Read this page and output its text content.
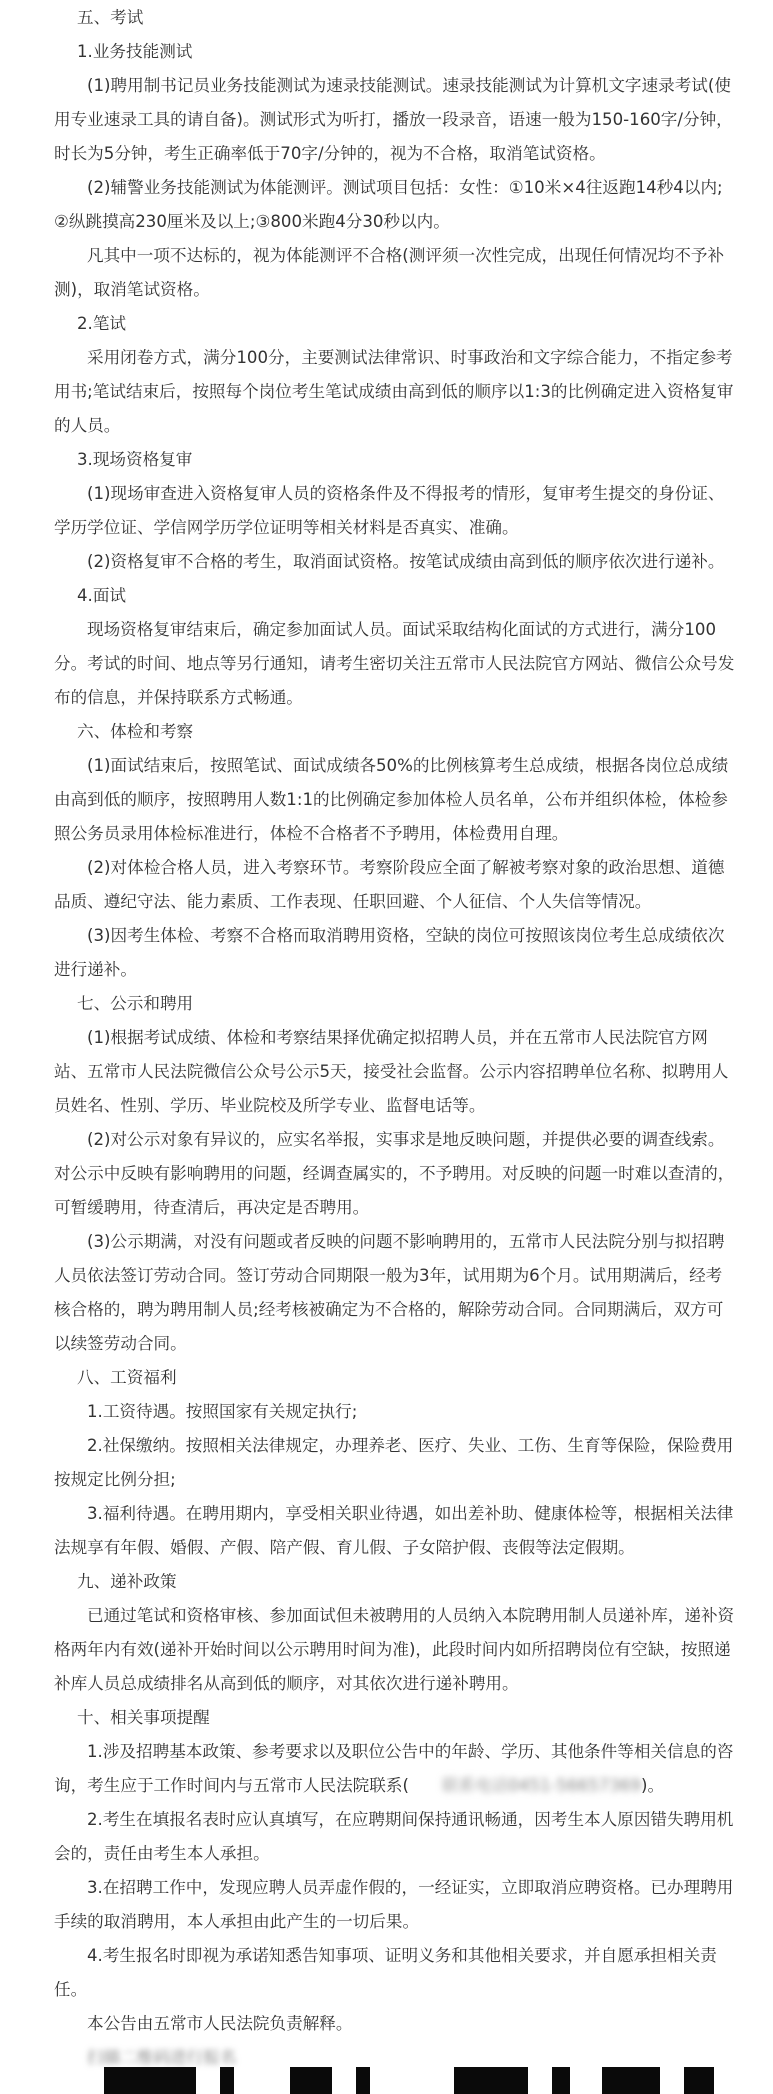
五、考试

1.业务技能测试

(1)聘用制书记员业务技能测试为速录技能测试。速录技能测试为计算机文字速录考试(使用专业速录工具的请自备)。测试形式为听打，播放一段录音，语速一般为150-160字/分钟，时长为5分钟，考生正确率低于70字/分钟的，视为不合格，取消笔试资格。

(2)辅警业务技能测试为体能测评。测试项目包括：女性：①10米×4往返跑14秒4以内;②纵跳摸高230厘米及以上;③800米跑4分30秒以内。

凡其中一项不达标的，视为体能测评不合格(测评须一次性完成，出现任何情况均不予补测)，取消笔试资格。

2.笔试

采用闭卷方式，满分100分，主要测试法律常识、时事政治和文字综合能力，不指定参考用书;笔试结束后，按照每个岗位考生笔试成绩由高到低的顺序以1:3的比例确定进入资格复审的人员。

3.现场资格复审

(1)现场审查进入资格复审人员的资格条件及不得报考的情形，复审考生提交的身份证、学历学位证、学信网学历学位证明等相关材料是否真实、准确。

(2)资格复审不合格的考生，取消面试资格。按笔试成绩由高到低的顺序依次进行递补。

4.面试

现场资格复审结束后，确定参加面试人员。面试采取结构化面试的方式进行，满分100分。考试的时间、地点等另行通知，请考生密切关注五常市人民法院官方网站、微信公众号发布的信息，并保持联系方式畅通。

六、体检和考察

(1)面试结束后，按照笔试、面试成绩各50%的比例核算考生总成绩，根据各岗位总成绩由高到低的顺序，按照聘用人数1:1的比例确定参加体检人员名单，公布并组织体检，体检参照公务员录用体检标准进行，体检不合格者不予聘用，体检费用自理。

(2)对体检合格人员，进入考察环节。考察阶段应全面了解被考察对象的政治思想、道德品质、遵纪守法、能力素质、工作表现、任职回避、个人征信、个人失信等情况。

(3)因考生体检、考察不合格而取消聘用资格，空缺的岗位可按照该岗位考生总成绩依次进行递补。

七、公示和聘用

(1)根据考试成绩、体检和考察结果择优确定拟招聘人员，并在五常市人民法院官方网站、五常市人民法院微信公众号公示5天，接受社会监督。公示内容招聘单位名称、拟聘用人员姓名、性别、学历、毕业院校及所学专业、监督电话等。

(2)对公示对象有异议的，应实名举报，实事求是地反映问题，并提供必要的调查线索。对公示中反映有影响聘用的问题，经调查属实的，不予聘用。对反映的问题一时难以查清的，可暂缓聘用，待查清后，再决定是否聘用。

(3)公示期满，对没有问题或者反映的问题不影响聘用的，五常市人民法院分别与拟招聘人员依法签订劳动合同。签订劳动合同期限一般为3年，试用期为6个月。试用期满后，经考核合格的，聘为聘用制人员;经考核被确定为不合格的，解除劳动合同。合同期满后，双方可以续签劳动合同。

八、工资福利

1.工资待遇。按照国家有关规定执行;

2.社保缴纳。按照相关法律规定，办理养老、医疗、失业、工伤、生育等保险，保险费用按规定比例分担;

3.福利待遇。在聘用期内，享受相关职业待遇，如出差补助、健康体检等，根据相关法律法规享有年假、婚假、产假、陪产假、育儿假、子女陪护假、丧假等法定假期。

九、递补政策

已通过笔试和资格审核、参加面试但未被聘用的人员纳入本院聘用制人员递补库，递补资格两年内有效(递补开始时间以公示聘用时间为准)，此段时间内如所招聘岗位有空缺，按照递补库人员总成绩排名从高到低的顺序，对其依次进行递补聘用。

十、相关事项提醒

1.涉及招聘基本政策、参考要求以及职位公告中的年龄、学历、其他条件等相关信息的咨询，考生应于工作时间内与五常市人民法院联系( 联系电话0451-56657369)。

2.考生在填报名表时应认真填写，在应聘期间保持通讯畅通，因考生本人原因错失聘用机会的，责任由考生本人承担。

3.在招聘工作中，发现应聘人员弄虚作假的，一经证实，立即取消应聘资格。已办理聘用手续的取消聘用，本人承担由此产生的一切后果。

4.考生报名时即视为承诺知悉告知事项、证明义务和其他相关要求，并自愿承担相关责任。

本公告由五常市人民法院负责解释。

扫描二维码进行报名
